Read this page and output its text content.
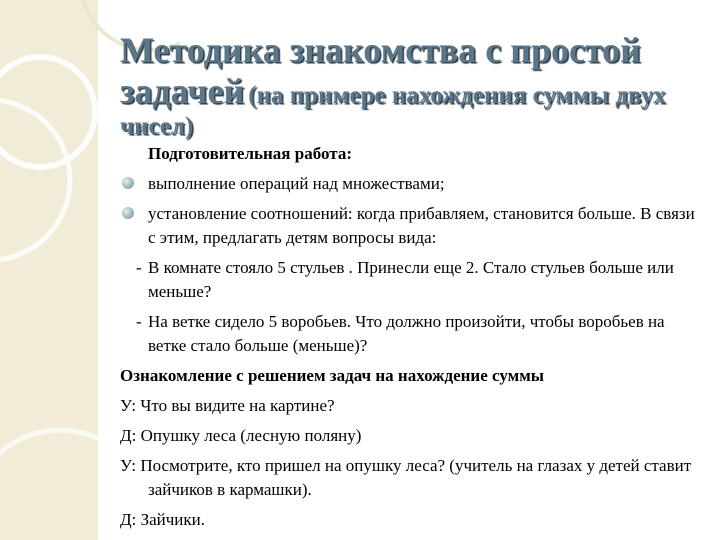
Методика знакомства с простой задачей (на примере нахождения суммы двух чисел)
Подготовительная работа:
выполнение операций над множествами;
установление соотношений: когда прибавляем, становится больше. В связи с этим, предлагать детям вопросы вида:
- В комнате стояло 5 стульев . Принесли еще 2. Стало стульев больше или меньше?
- На ветке сидело 5 воробьев. Что должно произойти, чтобы воробьев на ветке стало больше (меньше)?
Ознакомление с решением задач на нахождение суммы
У: Что вы видите на картине?
Д: Опушку леса (лесную поляну)
У: Посмотрите, кто пришел на опушку леса? (учитель на глазах у детей ставит зайчиков в кармашки).
Д: Зайчики.
